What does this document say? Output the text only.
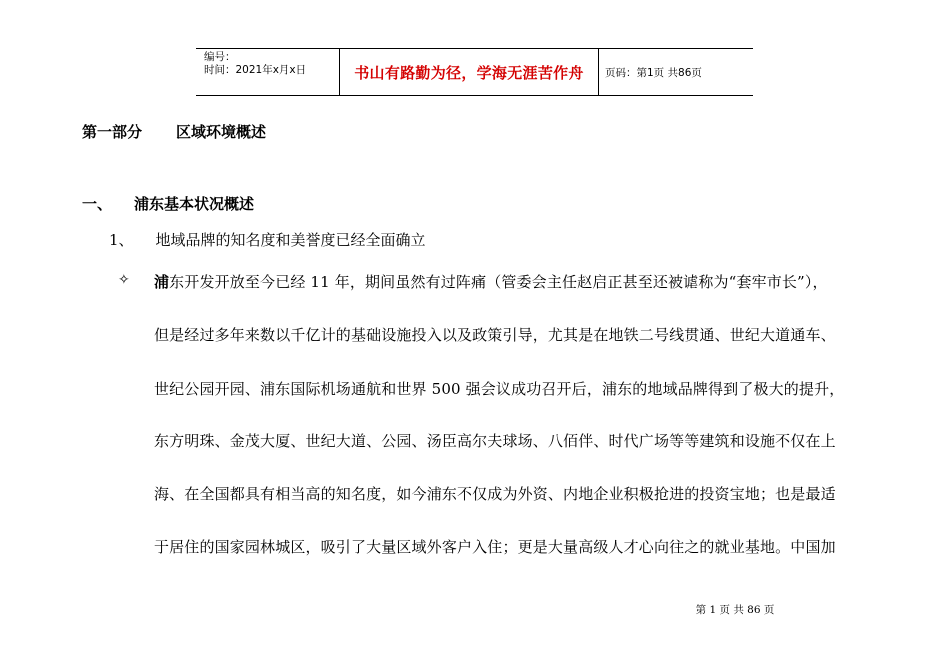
编号：
时间：2021年x月x日	书山有路勤为径，学海无涯苦作舟	页码：第1页 共86页
第一部分 区域环境概述
一、 浦东基本状况概述
1、 地域品牌的知名度和美誉度已经全面确立
✧ 浦东开发开放至今已经 11 年，期间虽然有过阵痛（管委会主任赵启正甚至还被谑称为“套牢市长”），
但是经过多年来数以千亿计的基础设施投入以及政策引导，尤其是在地铁二号线贯通、世纪大道通车、
世纪公园开园、浦东国际机场通航和世界 500 强会议成功召开后，浦东的地域品牌得到了极大的提升，
东方明珠、金茂大厦、世纪大道、公园、汤臣高尔夫球场、八佰伴、时代广场等等建筑和设施不仅在上
海、在全国都具有相当高的知名度，如今浦东不仅成为外资、内地企业积极抢进的投资宝地；也是最适
于居住的国家园林城区，吸引了大量区域外客户入住；更是大量高级人才心向往之的就业基地。中国加
第 1 页 共 86 页
